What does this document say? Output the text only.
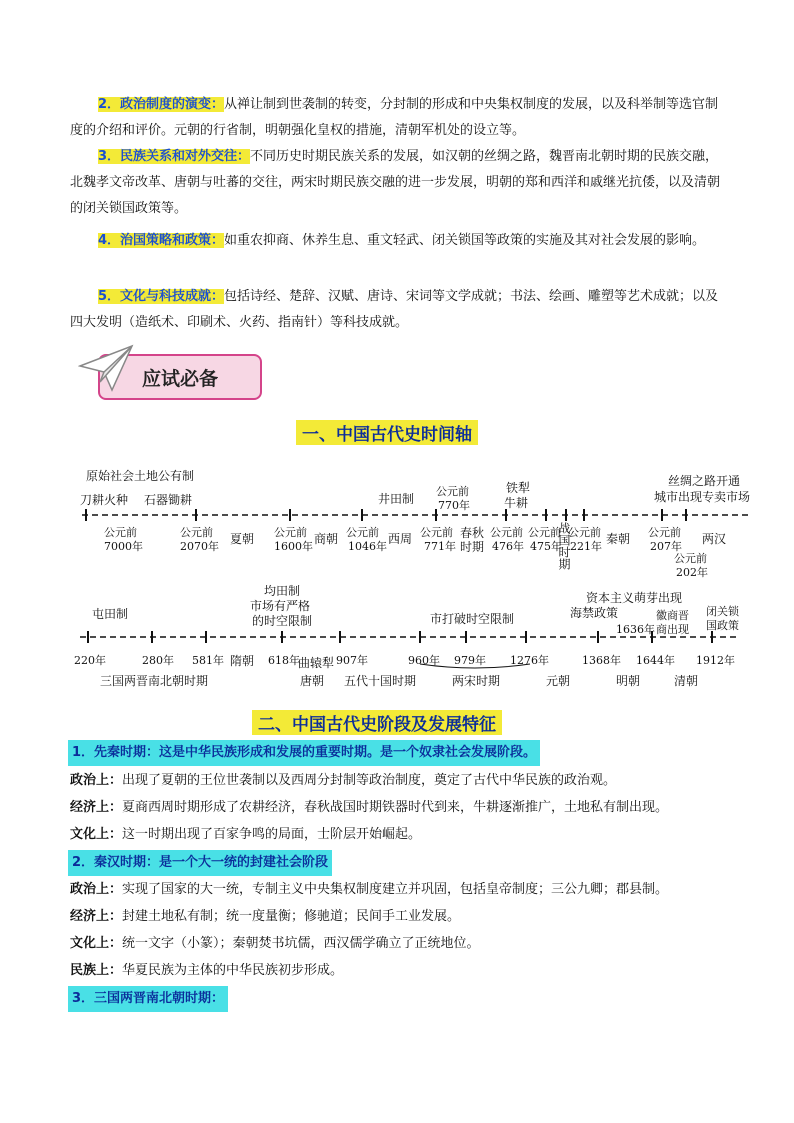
2．政治制度的演变：从禅让制到世袭制的转变，分封制的形成和中央集权制度的发展，以及科举制等选官制度的介绍和评价。元朝的行省制，明朝强化皇权的措施，清朝军机处的设立等。
3．民族关系和对外交往：不同历史时期民族关系的发展，如汉朝的丝绸之路，魏晋南北朝时期的民族交融，北魏孝文帝改革、唐朝与吐蕃的交往，两宋时期民族交融的进一步发展，明朝的郑和西洋和戚继光抗倭，以及清朝的闭关锁国政策等。
4．治国策略和政策：如重农抑商、休养生息、重文轻武、闭关锁国等政策的实施及其对社会发展的影响。
5．文化与科技成就：包括诗经、楚辞、汉赋、唐诗、宋词等文学成就；书法、绘画、雕塑等艺术成就；以及四大发明（造纸术、印刷术、火药、指南针）等科技成就。
应试必备
一、中国古代史时间轴
原始社会土地公有制
刀耕火种 石器锄耕	井田制
公元前
770年
铁犁
牛耕
丝绸之路开通
城市出现专卖市场
公元前
7000年
公元前
2070年
夏朝 公元前
1600年
商朝 公元前
1046年
西周 公元前
771年
春秋
时期
公元前
476年
公元前
475年
战国时期
公元前
221年
秦朝 公元前
207年
公元前
202年
两汉
屯田制
均田制
市场有严格
的时空限制	市打破时空限制
资本主义萌芽出现
海禁政策
1636年
徽商晋
商出现
闭关锁
国政策
220年	280年 581年 隋朝 618年
曲辕犁
唐朝
907年
五代十国时期
960年 979年 1276年
两宋时期	元朝
1368年
明朝
1644年 1912年
清朝
三国两晋南北朝时期
二、中国古代史阶段及发展特征
1．先秦时期：这是中华民族形成和发展的重要时期。是一个奴隶社会发展阶段。
政治上：出现了夏朝的王位世袭制以及西周分封制等政治制度，奠定了古代中华民族的政治观。
经济上：夏商西周时期形成了农耕经济，春秋战国时期铁器时代到来，牛耕逐渐推广，土地私有制出现。
文化上：这一时期出现了百家争鸣的局面，士阶层开始崛起。
2．秦汉时期：是一个大一统的封建社会阶段
政治上：实现了国家的大一统，专制主义中央集权制度建立并巩固，包括皇帝制度；三公九卿；郡县制。
经济上：封建土地私有制；统一度量衡；修驰道；民间手工业发展。
文化上：统一文字（小篆）；秦朝焚书坑儒，西汉儒学确立了正统地位。
民族上：华夏民族为主体的中华民族初步形成。
3．三国两晋南北朝时期：
